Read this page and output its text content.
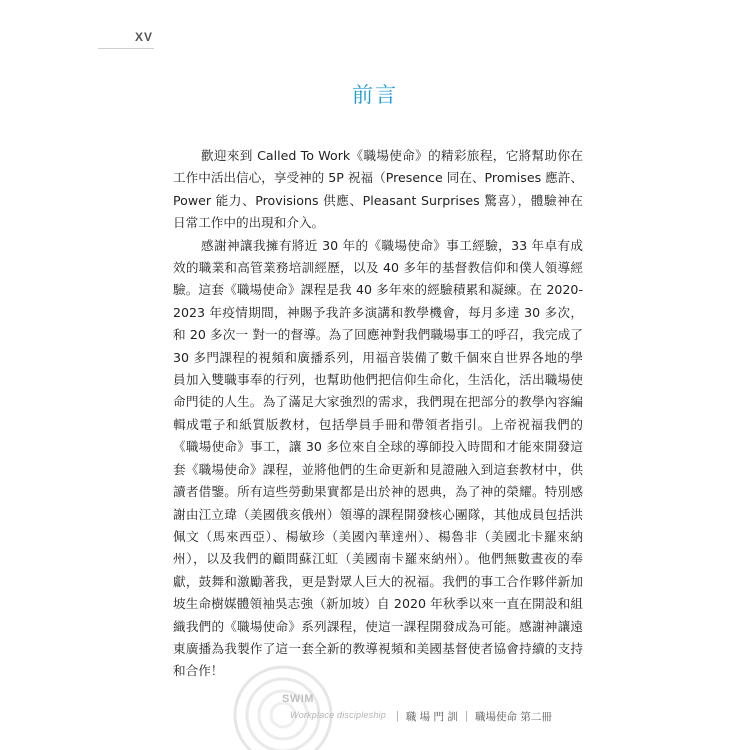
XV
前言

歡迎來到 Called To Work《職場使命》的精彩旅程，它將幫助你在工作中活出信心，享受神的 5P 祝福（Presence 同在、Promises 應許、Power 能力、Provisions 供應、Pleasant Surprises 驚喜），體驗神在日常工作中的出現和介入。

感謝神讓我擁有將近 30 年的《職場使命》事工經驗，33 年卓有成效的職業和高管業務培訓經歷，以及 40 多年的基督教信仰和僕人領導經驗。這套《職場使命》課程是我 40 多年來的經驗積累和凝練。在 2020-2023 年疫情期間，神賜予我許多演講和教學機會，每月多達 30 多次，和 20 多次一 對一的督導。為了回應神對我們職場事工的呼召，我完成了 30 多門課程的視頻和廣播系列，用福音裝備了數千個來自世界各地的學員加入雙職事奉的行列，也幫助他們把信仰生命化，生活化，活出職場使命門徒的人生。為了滿足大家強烈的需求，我們現在把部分的教學內容編輯成電子和紙質版教材，包括學員手冊和帶領者指引。上帝祝福我們的《職場使命》事工，讓 30 多位來自全球的導師投入時間和才能來開發這套《職場使命》課程，並將他們的生命更新和見證融入到這套教材中，供讀者借鑒。所有這些勞動果實都是出於神的恩典，為了神的榮耀。特別感謝由江立瑋（美國俄亥俄州）領導的課程開發核心團隊，其他成員包括洪佩文（馬來西亞）、楊敏珍（美國內華達州）、楊魯非（美國北卡羅來納州），以及我們的顧問蘇江虹（美國南卡羅來納州）。他們無數晝夜的奉獻，鼓舞和激勵著我，更是對眾人巨大的祝福。我們的事工合作夥伴新加坡生命樹媒體領袖吳志強（新加坡）自 2020 年秋季以來一直在開設和組織我們的《職場使命》系列課程，使這一課程開發成為可能。感謝神讓遠東廣播為我製作了這一套全新的教導視頻和美國基督使者協會持續的支持和合作！

SWIM
Workplace discipleship ｜ 職 場 門 訓 ｜ 職場使命 第二冊
